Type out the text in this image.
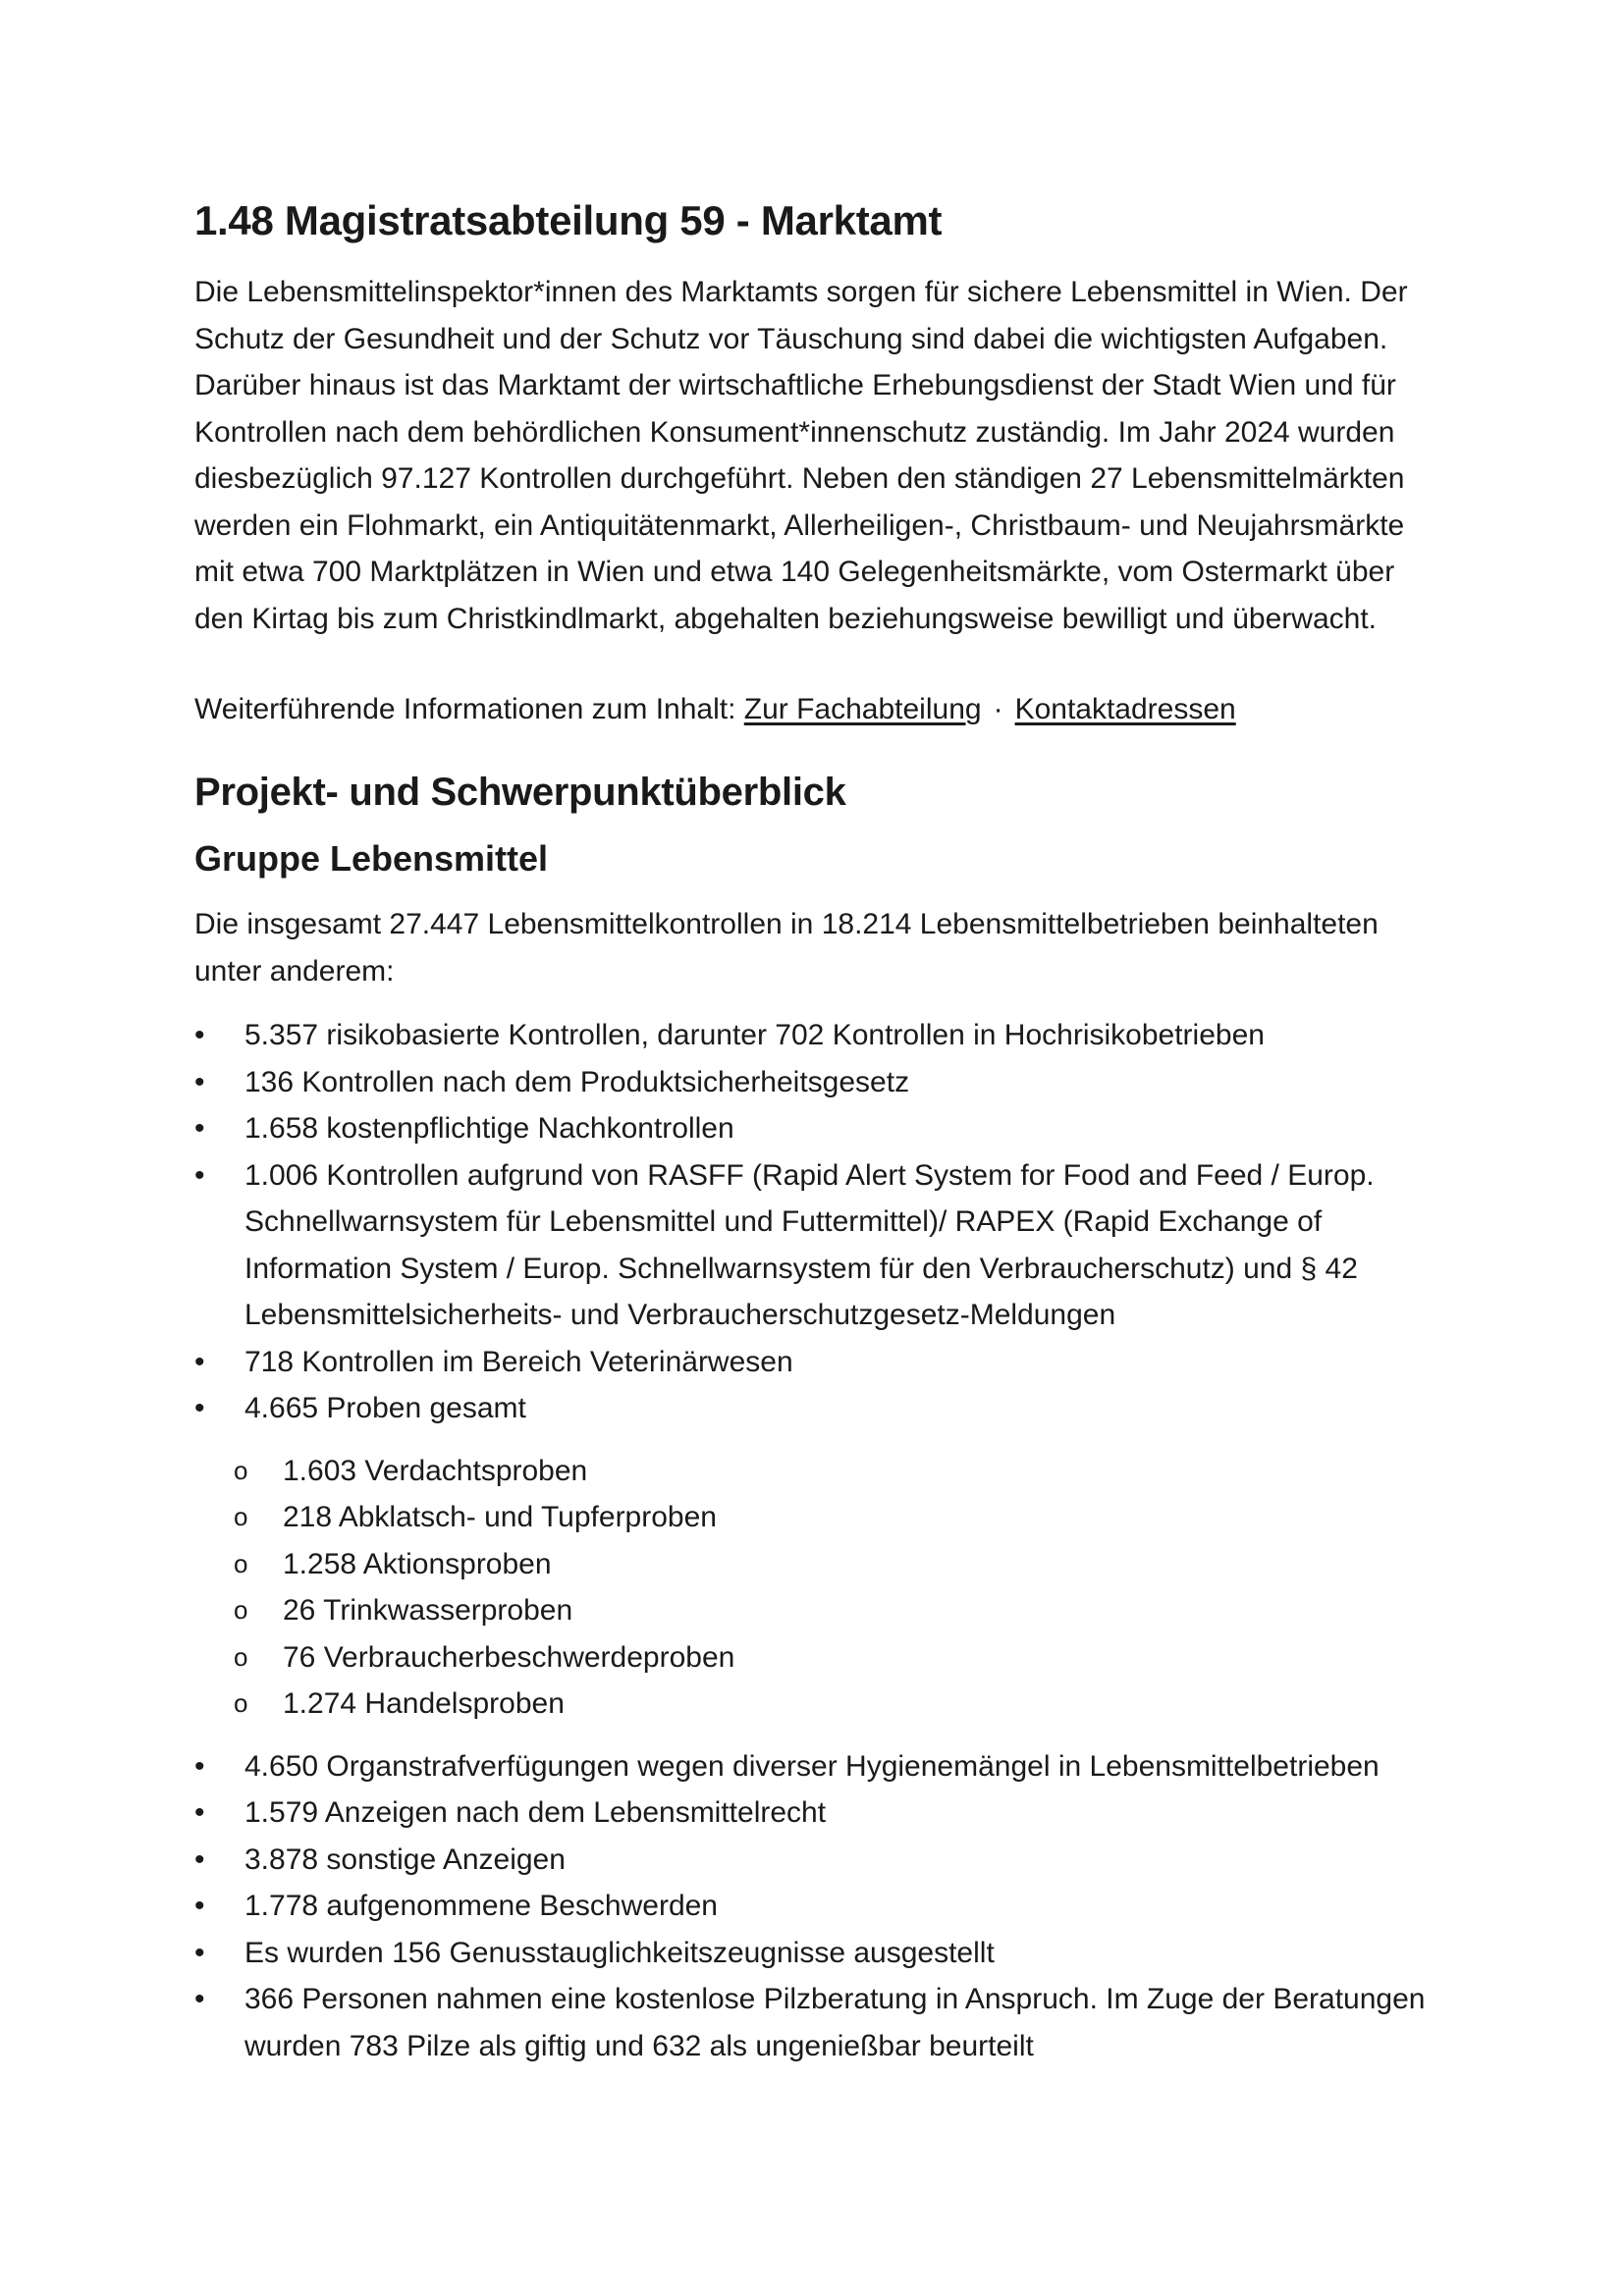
1.48 Magistratsabteilung 59 - Marktamt

Die Lebensmittelinspektor*innen des Marktamts sorgen für sichere Lebensmittel in Wien. Der Schutz der Gesundheit und der Schutz vor Täuschung sind dabei die wichtigsten Aufgaben. Darüber hinaus ist das Marktamt der wirtschaftliche Erhebungsdienst der Stadt Wien und für Kontrollen nach dem behördlichen Konsument*innenschutz zuständig. Im Jahr 2024 wurden diesbezüglich 97.127 Kontrollen durchgeführt. Neben den ständigen 27 Lebensmittelmärkten werden ein Flohmarkt, ein Antiquitätenmarkt, Allerheiligen-, Christbaum- und Neujahrsmärkte mit etwa 700 Marktplätzen in Wien und etwa 140 Gelegenheitsmärkte, vom Ostermarkt über den Kirtag bis zum Christkindlmarkt, abgehalten beziehungsweise bewilligt und überwacht.

Weiterführende Informationen zum Inhalt: Zur Fachabteilung · Kontaktadressen

Projekt- und Schwerpunktüberblick
Gruppe Lebensmittel

Die insgesamt 27.447 Lebensmittelkontrollen in 18.214 Lebensmittelbetrieben beinhalteten unter anderem:

• 5.357 risikobasierte Kontrollen, darunter 702 Kontrollen in Hochrisikobetrieben
• 136 Kontrollen nach dem Produktsicherheitsgesetz
• 1.658 kostenpflichtige Nachkontrollen
• 1.006 Kontrollen aufgrund von RASFF (Rapid Alert System for Food and Feed / Europ. Schnellwarnsystem für Lebensmittel und Futtermittel)/ RAPEX (Rapid Exchange of Information System / Europ. Schnellwarnsystem für den Verbraucherschutz) und § 42 Lebensmittelsicherheits- und Verbraucherschutzgesetz-Meldungen
• 718 Kontrollen im Bereich Veterinärwesen
• 4.665 Proben gesamt
o 1.603 Verdachtsproben
o 218 Abklatsch- und Tupferproben
o 1.258 Aktionsproben
o 26 Trinkwasserproben
o 76 Verbraucherbeschwerdeproben
o 1.274 Handelsproben
• 4.650 Organstrafverfügungen wegen diverser Hygienemängel in Lebensmittelbetrieben
• 1.579 Anzeigen nach dem Lebensmittelrecht
• 3.878 sonstige Anzeigen
• 1.778 aufgenommene Beschwerden
• Es wurden 156 Genusstauglichkeitszeugnisse ausgestellt
• 366 Personen nahmen eine kostenlose Pilzberatung in Anspruch. Im Zuge der Beratungen wurden 783 Pilze als giftig und 632 als ungenießbar beurteilt
